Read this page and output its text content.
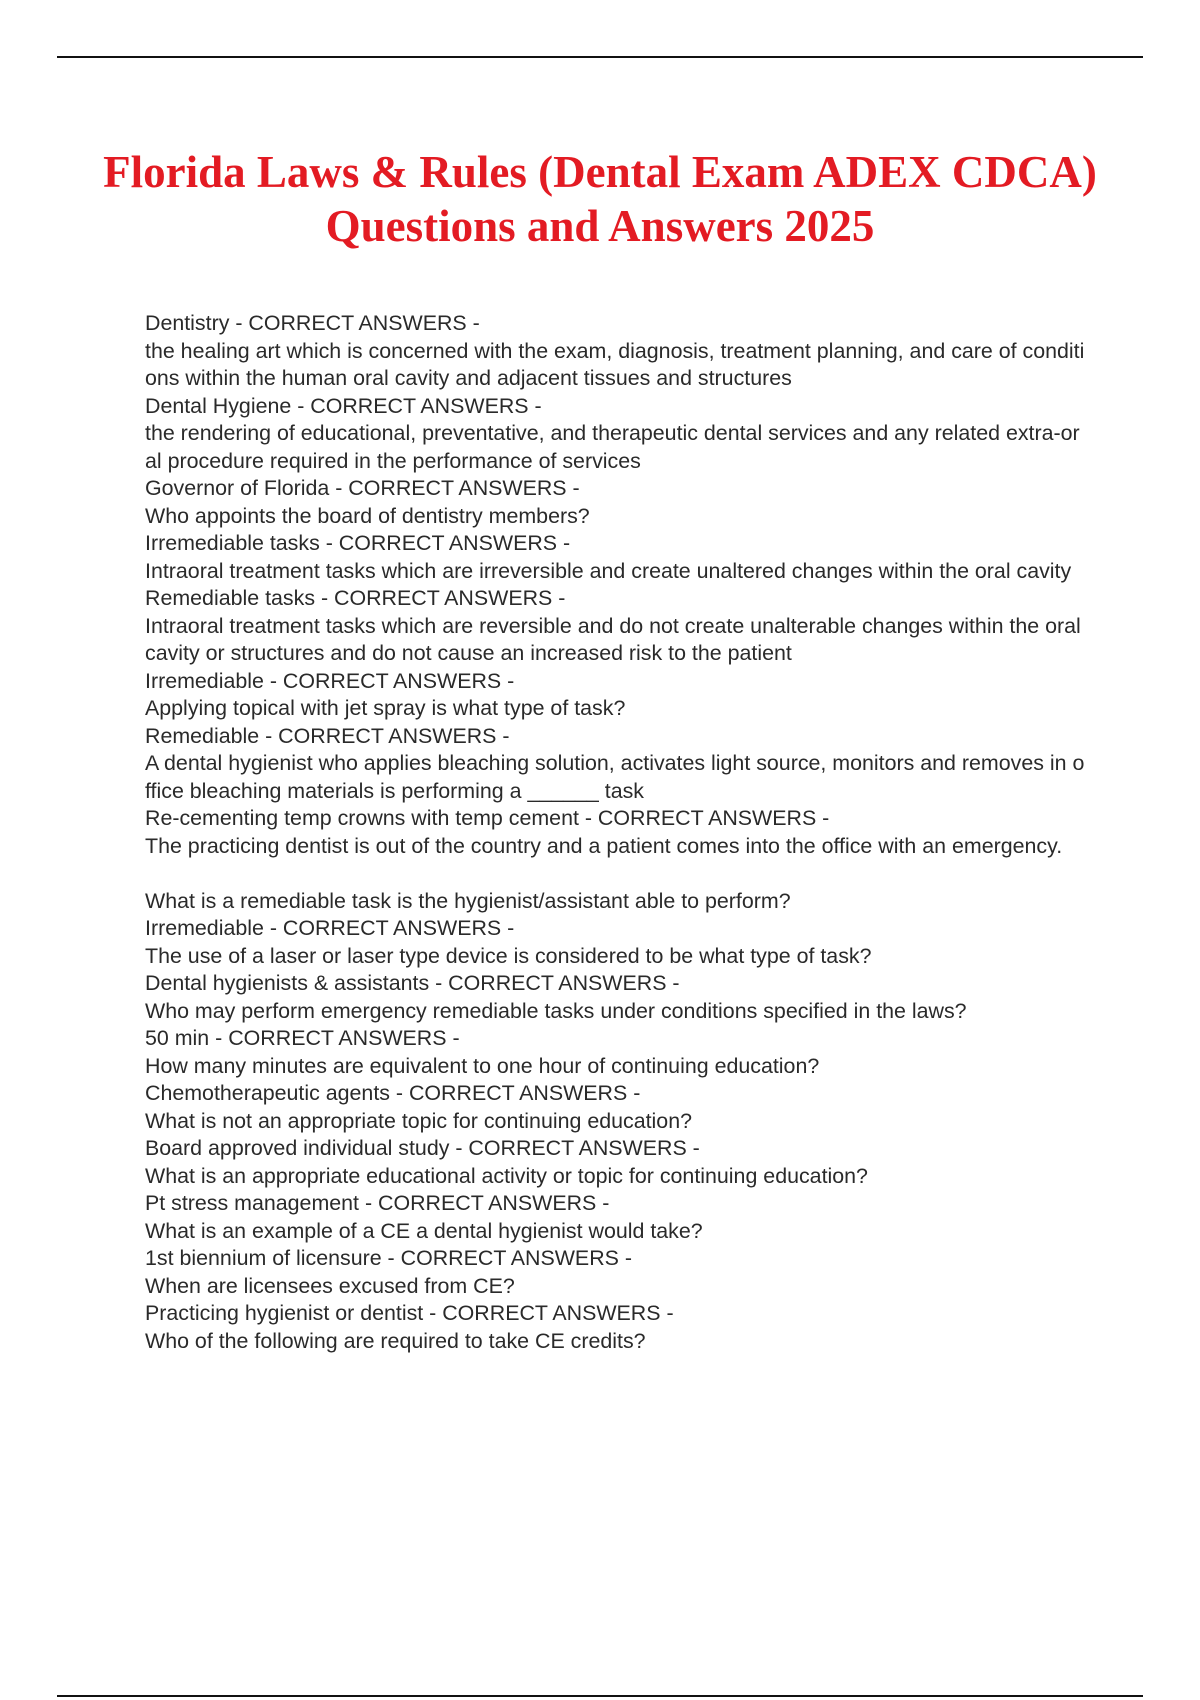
Florida Laws & Rules (Dental Exam ADEX CDCA) Questions and Answers 2025
Dentistry - CORRECT ANSWERS -
the healing art which is concerned with the exam, diagnosis, treatment planning, and care of conditions within the human oral cavity and adjacent tissues and structures
Dental Hygiene - CORRECT ANSWERS -
the rendering of educational, preventative, and therapeutic dental services and any related extra-oral procedure required in the performance of services
Governor of Florida - CORRECT ANSWERS -
Who appoints the board of dentistry members?
Irremediable tasks - CORRECT ANSWERS -
Intraoral treatment tasks which are irreversible and create unaltered changes within the oral cavity
Remediable tasks - CORRECT ANSWERS -
Intraoral treatment tasks which are reversible and do not create unalterable changes within the oral cavity or structures and do not cause an increased risk to the patient
Irremediable - CORRECT ANSWERS -
Applying topical with jet spray is what type of task?
Remediable - CORRECT ANSWERS -
A dental hygienist who applies bleaching solution, activates light source, monitors and removes in office bleaching materials is performing a ______ task
Re-cementing temp crowns with temp cement - CORRECT ANSWERS -
The practicing dentist is out of the country and a patient comes into the office with an emergency.
What is a remediable task is the hygienist/assistant able to perform?
Irremediable - CORRECT ANSWERS -
The use of a laser or laser type device is considered to be what type of task?
Dental hygienists & assistants - CORRECT ANSWERS -
Who may perform emergency remediable tasks under conditions specified in the laws?
50 min - CORRECT ANSWERS -
How many minutes are equivalent to one hour of continuing education?
Chemotherapeutic agents - CORRECT ANSWERS -
What is not an appropriate topic for continuing education?
Board approved individual study - CORRECT ANSWERS -
What is an appropriate educational activity or topic for continuing education?
Pt stress management - CORRECT ANSWERS -
What is an example of a CE a dental hygienist would take?
1st biennium of licensure - CORRECT ANSWERS -
When are licensees excused from CE?
Practicing hygienist or dentist - CORRECT ANSWERS -
Who of the following are required to take CE credits?
